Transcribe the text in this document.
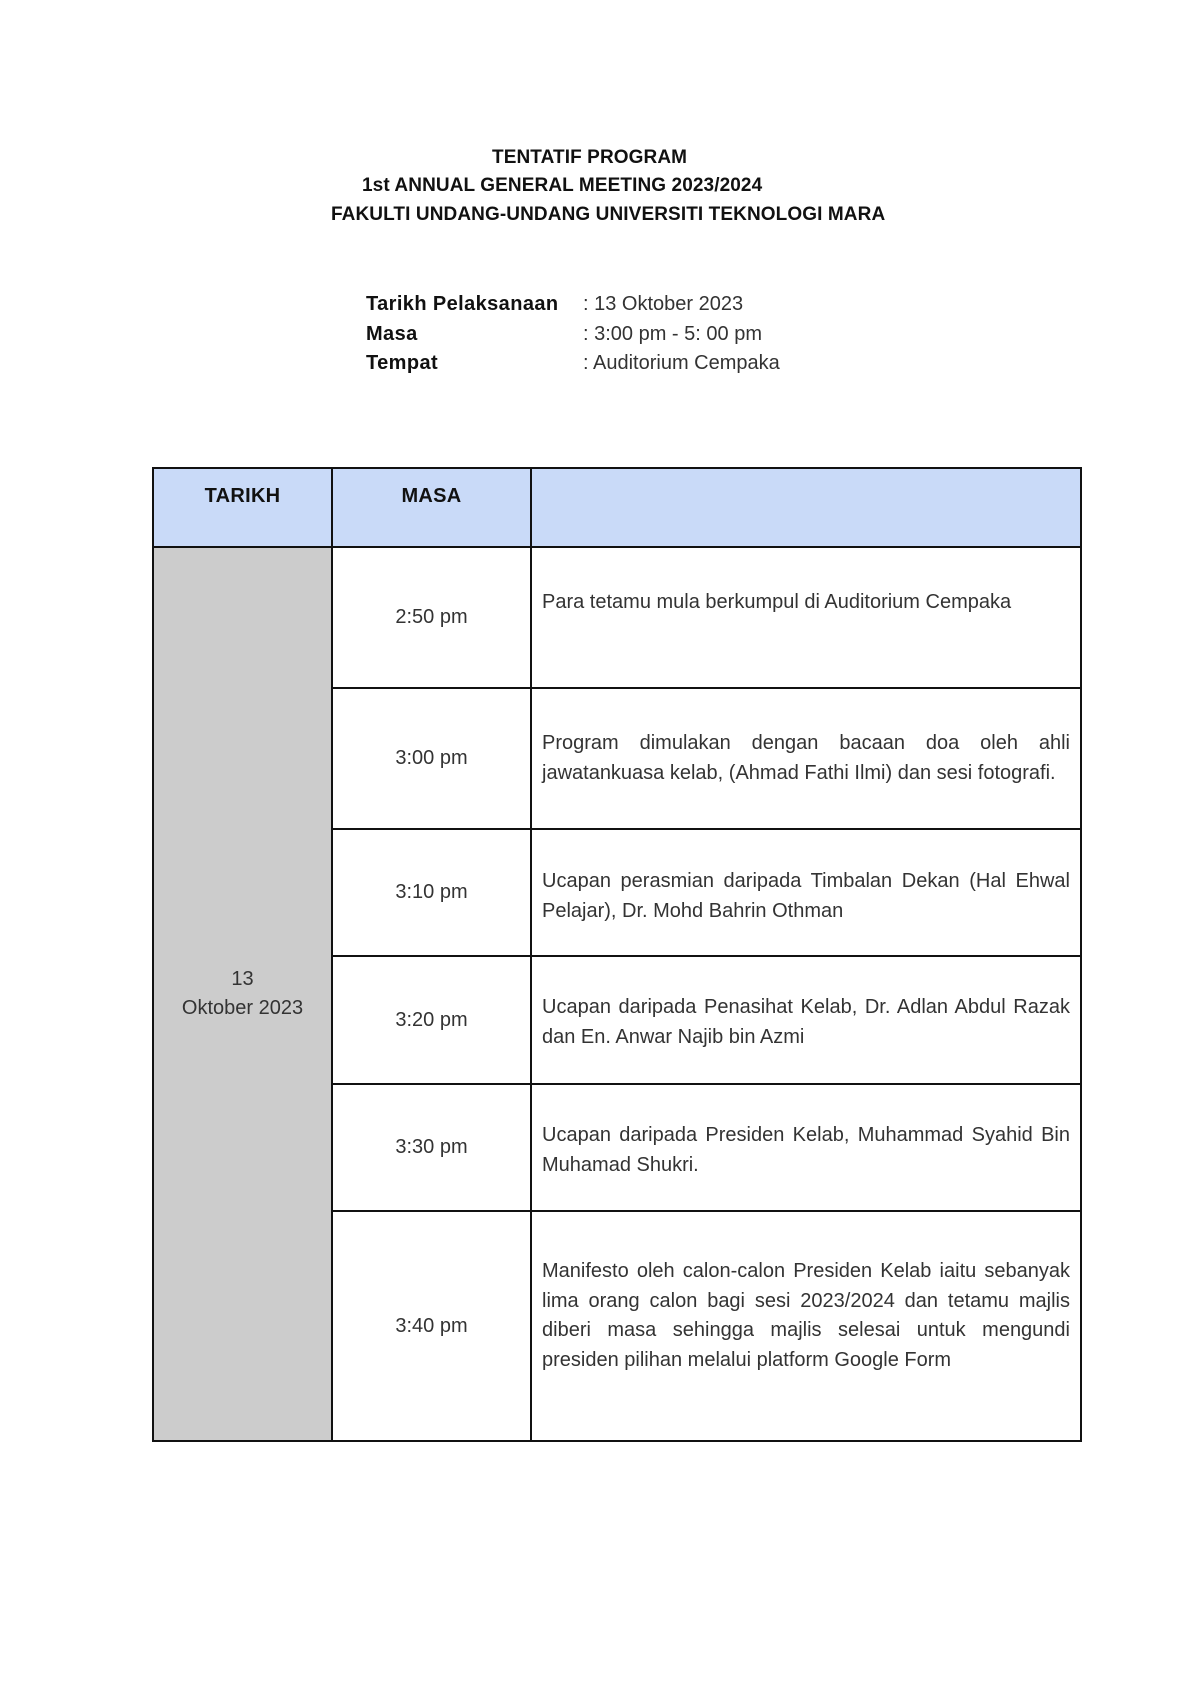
TENTATIF PROGRAM
1st ANNUAL GENERAL MEETING 2023/2024
FAKULTI UNDANG-UNDANG UNIVERSITI TEKNOLOGI MARA
Tarikh Pelaksanaan : 13 Oktober 2023
Masa	: 3:00 pm - 5: 00 pm
Tempat	: Auditorium Cempaka
TARIKH	MASA	

13
Oktober 2023	2:50 pm	Para tetamu mula berkumpul di Auditorium Cempaka
	3:00 pm	Program dimulakan dengan bacaan doa oleh ahli jawatankuasa kelab, (Ahmad Fathi Ilmi) dan sesi fotografi.
	3:10 pm	Ucapan perasmian daripada Timbalan Dekan (Hal Ehwal Pelajar), Dr. Mohd Bahrin Othman
	3:20 pm	Ucapan daripada Penasihat Kelab, Dr. Adlan Abdul Razak dan En. Anwar Najib bin Azmi
	3:30 pm	Ucapan daripada Presiden Kelab, Muhammad Syahid Bin Muhamad Shukri.
	3:40 pm	Manifesto oleh calon-calon Presiden Kelab iaitu sebanyak lima orang calon bagi sesi 2023/2024 dan tetamu majlis diberi masa sehingga majlis selesai untuk mengundi presiden pilihan melalui platform Google Form
